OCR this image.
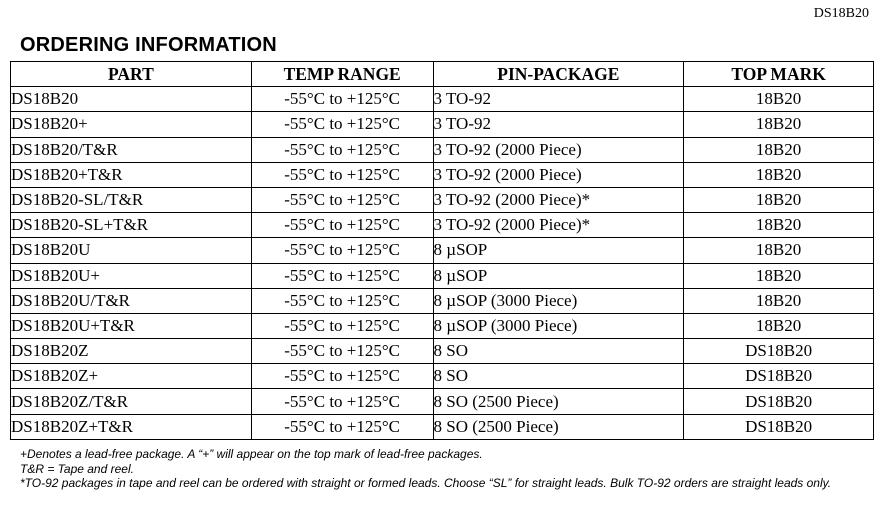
DS18B20
ORDERING INFORMATION
PART	TEMP RANGE	PIN-PACKAGE	TOP MARK
DS18B20	-55°C to +125°C	3 TO-92	18B20
DS18B20+	-55°C to +125°C	3 TO-92	18B20
DS18B20/T&R	-55°C to +125°C	3 TO-92 (2000 Piece)	18B20
DS18B20+T&R	-55°C to +125°C	3 TO-92 (2000 Piece)	18B20
DS18B20-SL/T&R	-55°C to +125°C	3 TO-92 (2000 Piece)*	18B20
DS18B20-SL+T&R	-55°C to +125°C	3 TO-92 (2000 Piece)*	18B20
DS18B20U	-55°C to +125°C	8 µSOP	18B20
DS18B20U+	-55°C to +125°C	8 µSOP	18B20
DS18B20U/T&R	-55°C to +125°C	8 µSOP (3000 Piece)	18B20
DS18B20U+T&R	-55°C to +125°C	8 µSOP (3000 Piece)	18B20
DS18B20Z	-55°C to +125°C	8 SO	DS18B20
DS18B20Z+	-55°C to +125°C	8 SO	DS18B20
DS18B20Z/T&R	-55°C to +125°C	8 SO (2500 Piece)	DS18B20
DS18B20Z+T&R	-55°C to +125°C	8 SO (2500 Piece)	DS18B20

+Denotes a lead-free package. A “+” will appear on the top mark of lead-free packages.

T&R = Tape and reel.

*TO-92 packages in tape and reel can be ordered with straight or formed leads. Choose “SL” for straight leads. Bulk TO-92 orders are straight leads only.
